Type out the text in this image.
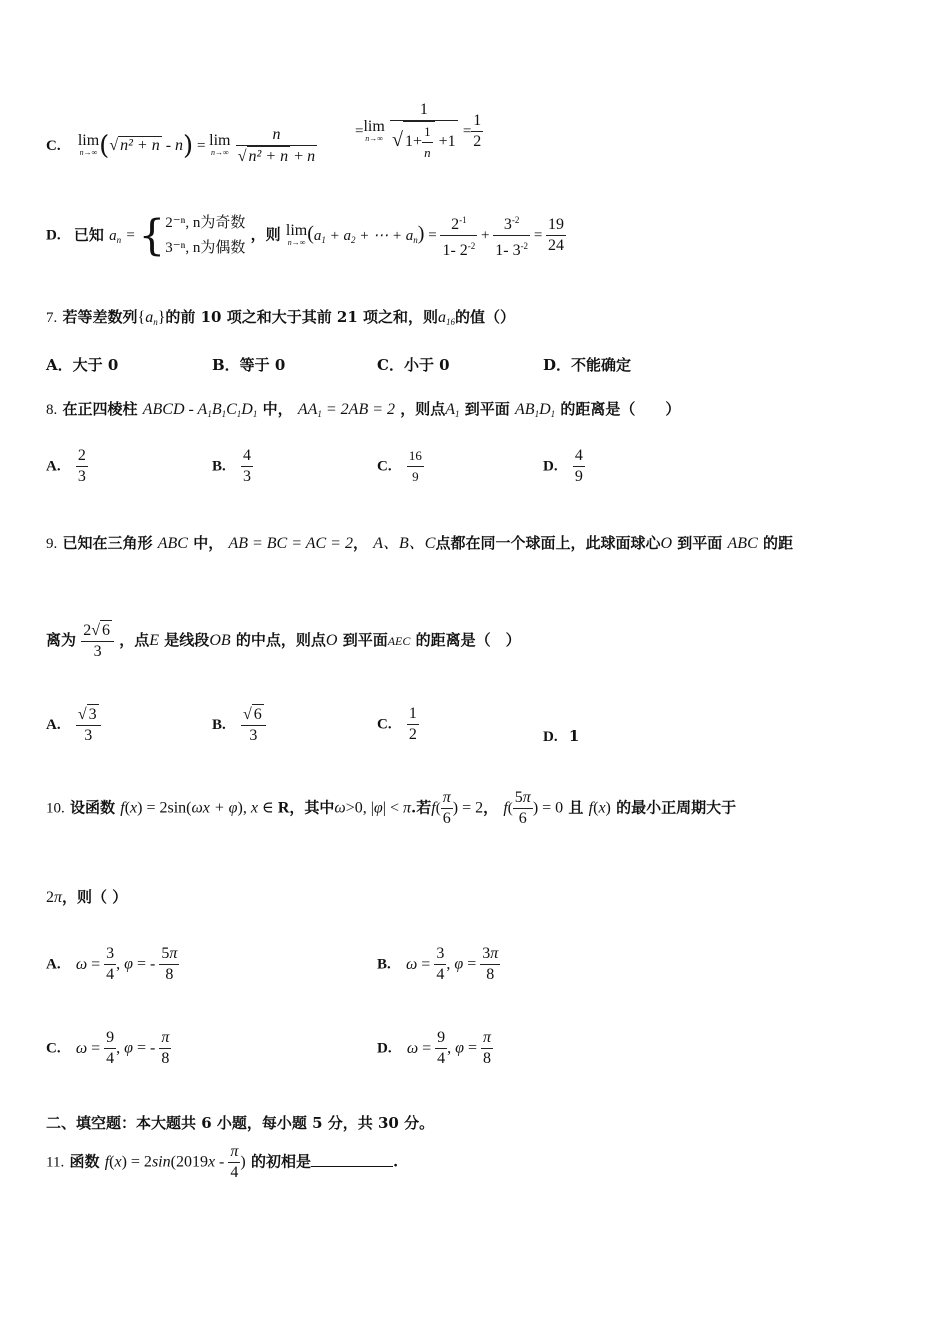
C. lim
n→∞ (√ n² + n - n) = lim
n→∞
$\frac{n}{\text{√ n² + n + n}}$	=lim
n→∞
$\frac{1}{√ 1+ \frac{1}{n} +1} = \frac{1}{2}$
D. 已知 $a_n = \{2^{-n}$, n为奇数
3⁻ⁿ, n为偶数 ，则 lim
n→∞ ($a_1 + a_2$ + ⋯ + $a_n) = \frac{2^{-1}}{1- 2^{-2}} + \frac{3^{-2}}{1- 3^{-2}} = \frac{19}{24}$
7. 若等差数列$\{a_n\}$的前 10 项之和大于其前 21 项之和，则$a_{16}$的值（）
A．大于 0	B．等于 0	C．小于 0	D．不能确定
8. 在正四棱柱 ABCD - $A_1B_1C_1D_1$ 中， $AA_1 = 2AB = 2$ ，则点$A_1$ 到平面 $AB_1D_1$ 的距离是（　　）
A. $\frac{2}{3}$	B. $\frac{4}{3}$	C. $\frac{16}{9}$	D. $\frac{4}{9}$
9. 已知在三角形 ABC 中， AB = BC = AC = 2， A、B、C点都在同一个球面上，此球面球心O 到平面 ABC 的距
离为 $\frac{2√ 6}{3}$ ，点E 是线段OB 的中点，则点O 到平面AEC 的距离是（　）
A. $\frac{√ 3}{3}$	B. $\frac{√ 6}{3}$	C. $\frac{1}{2}$	D. 1
10. 设函数 f(x) = 2sin(ωx + φ), x ∈ R，其中ω>0, |φ| < π.若$f( \frac{\pi}{6}$ ) = 2， $f( \frac{5\pi}{6}$ ) = 0 且 f(x) 的最小正周期大于
2π，则（ ）
A. $\omega = \frac{3}{4}$ , φ = - $\frac{5\pi}{8}$	B. $\omega = \frac{3}{4}$ , $\varphi = \frac{3\pi}{8}$
C. $\omega = \frac{9}{4}$ , φ = - $\frac{\pi}{8}$	D. $\omega = \frac{9}{4}$ , $\varphi = \frac{\pi}{8}$
二、填空题：本大题共 6 小题，每小题 5 分，共 30 分。
11. 函数 $f(x) = 2\sin(2019x - \frac{\pi}{4}$ ) 的初相是	.
